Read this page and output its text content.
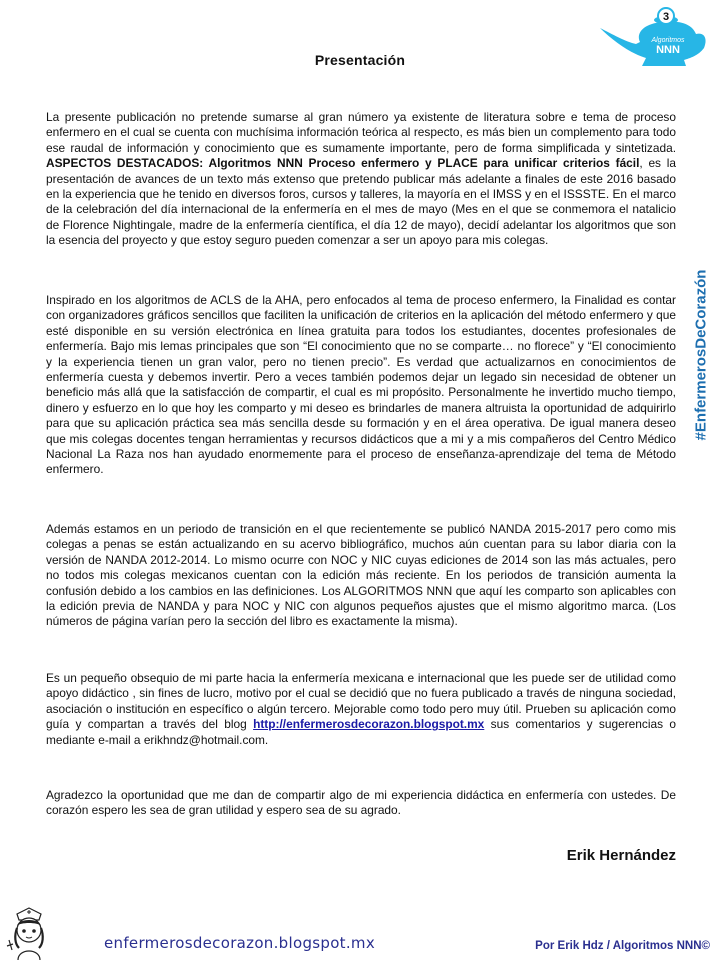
3
Algoritmos
NNN
Presentación

La presente publicación no pretende sumarse al gran número ya existente de literatura sobre e tema de proceso enfermero en el cual se cuenta con muchísima información teórica al respecto, es más bien un complemento para todo ese raudal de información y conocimiento que es sumamente importante, pero de forma simplificada y sintetizada. ASPECTOS DESTACADOS: Algoritmos NNN Proceso enfermero y PLACE para unificar criterios fácil, es la presentación de avances de un texto más extenso que pretendo publicar más adelante a finales de este 2016 basado en la experiencia que he tenido en diversos foros, cursos y talleres, la mayoría en el IMSS y en el ISSSTE. En el marco de la celebración del día internacional de la enfermería en el mes de mayo (Mes en el que se conmemora el natalicio de Florence Nightingale, madre de la enfermería científica, el día 12 de mayo), decidí adelantar los algoritmos que son la esencia del proyecto y que estoy seguro pueden comenzar a ser un apoyo para mis colegas.

Inspirado en los algoritmos de ACLS de la AHA, pero enfocados al tema de proceso enfermero, la Finalidad es contar con organizadores gráficos sencillos que faciliten la unificación de criterios en la aplicación del método enfermero y que esté disponible en su versión electrónica en línea gratuita para todos los estudiantes, docentes profesionales de enfermería. Bajo mis lemas principales que son “El conocimiento que no se comparte… no florece” y “El conocimiento y la experiencia tienen un gran valor, pero no tienen precio”. Es verdad que actualizarnos en conocimientos de enfermería cuesta y debemos invertir. Pero a veces también podemos dejar un legado sin necesidad de obtener un beneficio más allá que la satisfacción de compartir, el cual es mi propósito. Personalmente he invertido mucho tiempo, dinero y esfuerzo en lo que hoy les comparto y mi deseo es brindarles de manera altruista la oportunidad de adquirirlo para que su aplicación práctica sea más sencilla desde su formación y en el área operativa. De igual manera deseo que mis colegas docentes tengan herramientas y recursos didácticos que a mi y a mis compañeros del Centro Médico Nacional La Raza nos han ayudado enormemente para el proceso de enseñanza-aprendizaje del tema de Método enfermero.

Además estamos en un periodo de transición en el que recientemente se publicó NANDA 2015-2017 pero como mis colegas a penas se están actualizando en su acervo bibliográfico, muchos aún cuentan para su labor diaria con la versión de NANDA 2012-2014. Lo mismo ocurre con NOC y NIC cuyas ediciones de 2014 son las más actuales, pero no todos mis colegas mexicanos cuentan con la edición más reciente. En los periodos de transición aumenta la confusión debido a los cambios en las definiciones. Los ALGORITMOS NNN que aquí les comparto son aplicables con la edición previa de NANDA y para NOC y NIC con algunos pequeños ajustes que el mismo algoritmo marca. (Los números de página varían pero la sección del libro es exactamente la misma).

Es un pequeño obsequio de mi parte hacia la enfermería mexicana e internacional que les puede ser de utilidad como apoyo didáctico , sin fines de lucro, motivo por el cual se decidió que no fuera publicado a través de ninguna sociedad, asociación o institución en específico o algún tercero. Mejorable como todo pero muy útil. Prueben su aplicación como guía y compartan a través del blog http://enfermerosdecorazon.blogspot.mx sus comentarios y sugerencias o mediante e-mail a erikhndz@hotmail.com.

Agradezco la oportunidad que me dan de compartir algo de mi experiencia didáctica en enfermería con ustedes. De corazón espero les sea de gran utilidad y espero sea de su agrado.

#EnfermerosDeCorazón
Erik Hernández
enfermerosdecorazon.blogspot.mx	Por Erik Hdz / Algoritmos NNN©
